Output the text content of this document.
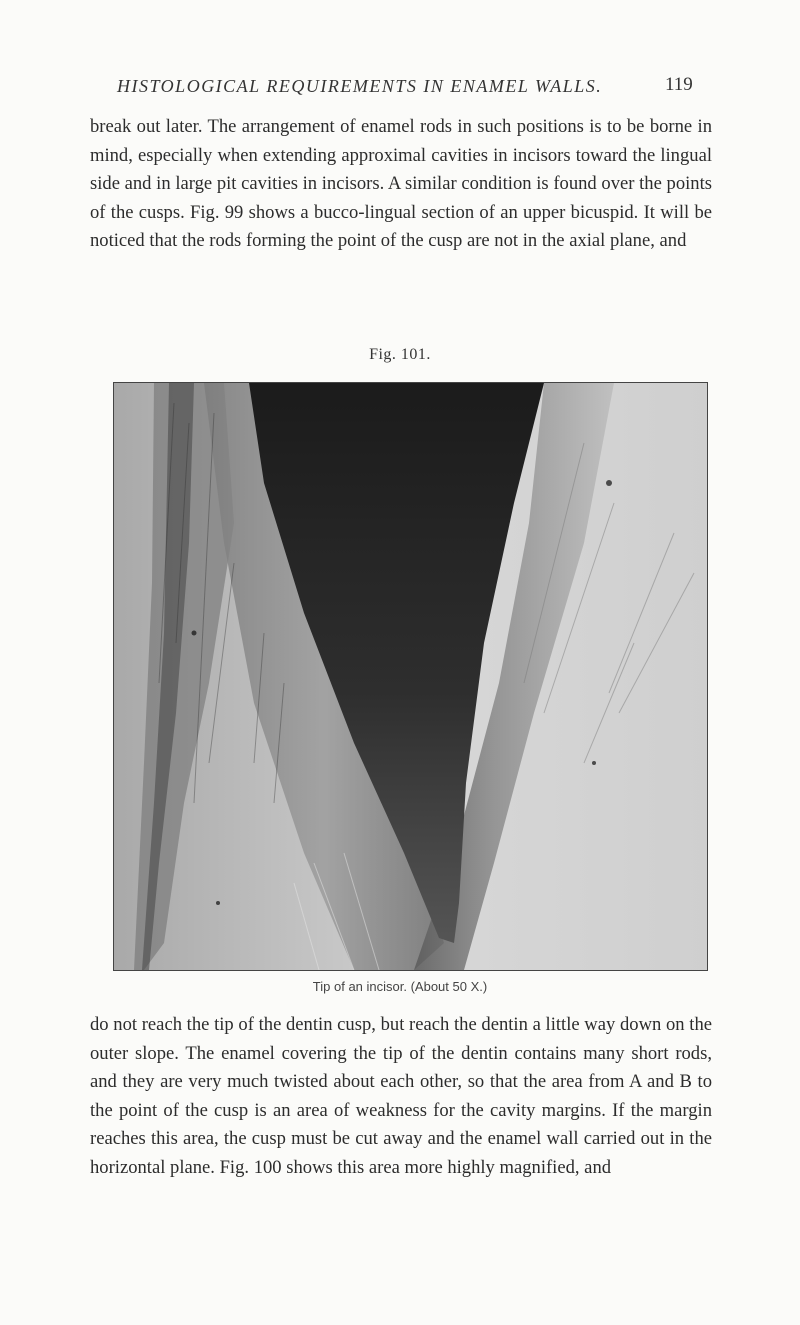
HISTOLOGICAL REQUIREMENTS IN ENAMEL WALLS.	119
break out later. The arrangement of enamel rods in such positions is to be borne in mind, especially when extending approximal cavities in incisors toward the lingual side and in large pit cavities in incisors. A similar condition is found over the points of the cusps. Fig. 99 shows a bucco-lingual section of an upper bicuspid. It will be noticed that the rods forming the point of the cusp are not in the axial plane, and
Fig. 101.
Tip of an incisor. (About 50 X.)
do not reach the tip of the dentin cusp, but reach the dentin a little way down on the outer slope. The enamel covering the tip of the dentin contains many short rods, and they are very much twisted about each other, so that the area from A and B to the point of the cusp is an area of weakness for the cavity margins. If the margin reaches this area, the cusp must be cut away and the enamel wall carried out in the horizontal plane. Fig. 100 shows this area more highly magnified, and
